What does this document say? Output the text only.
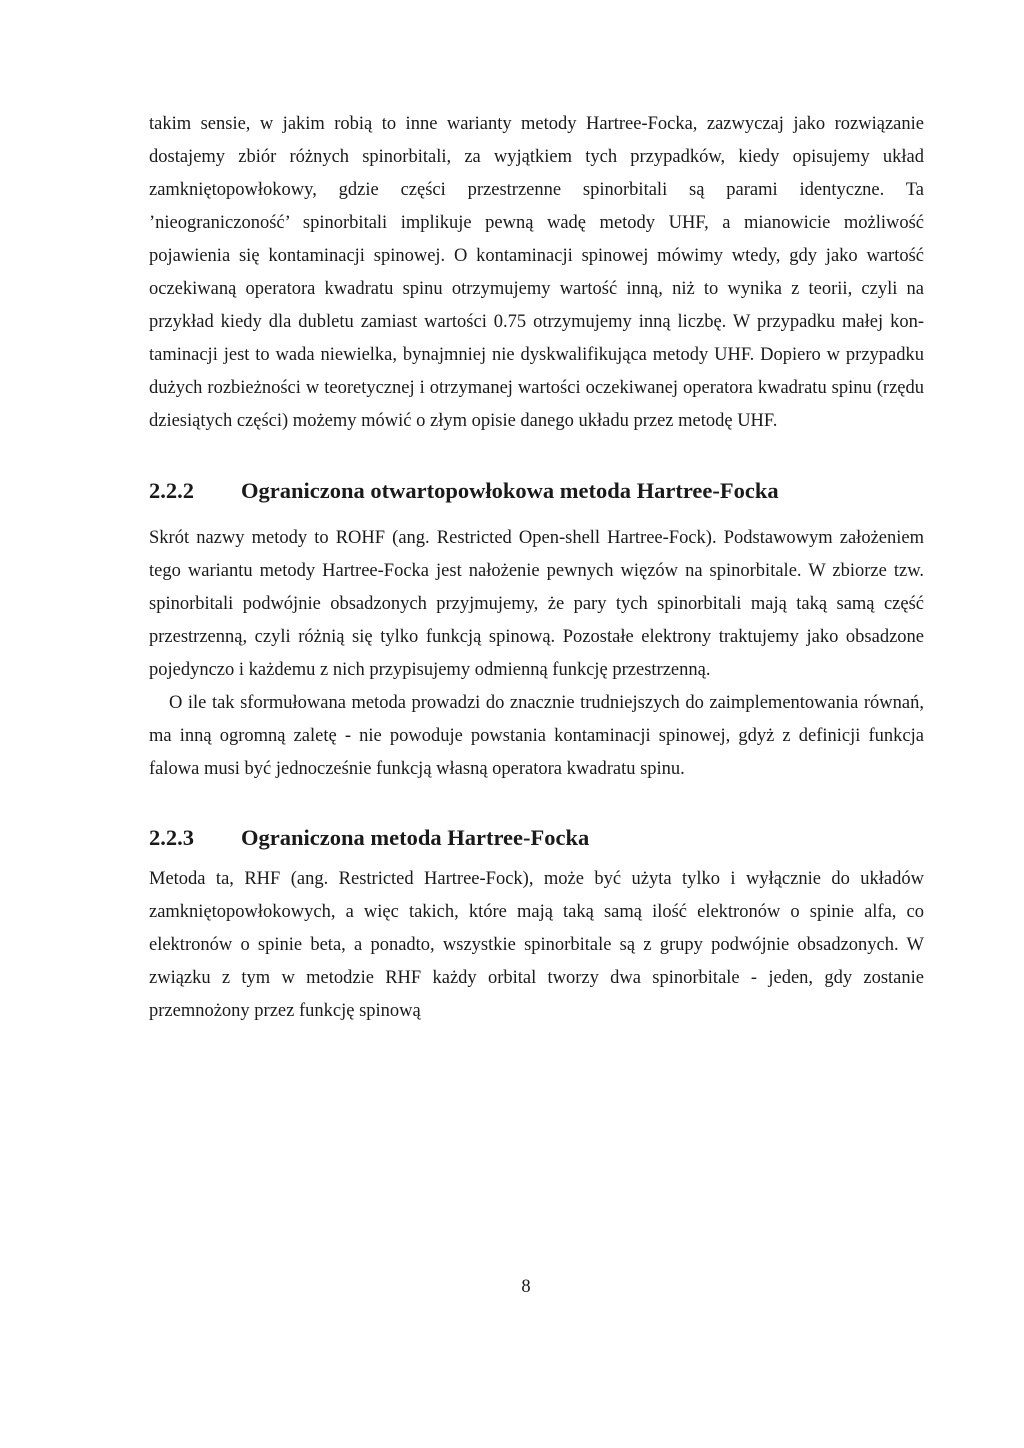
takim sensie, w jakim robią to inne warianty metody Hartree-Focka, zazwyczaj jako rozwiązanie dostajemy zbiór różnych spinorbitali, za wyjątkiem tych przypadków, kiedy opisujemy układ zamkniętopowłokowy, gdzie części przestrzenne spinorbitali są parami identyczne. Ta ’nieograniczoność’ spinorbitali implikuje pewną wadę metody UHF, a mianowicie możliwość pojawienia się kontaminacji spinowej. O kontaminacji spinowej mówimy wtedy, gdy jako wartość oczekiwaną operatora kwadratu spinu otrzymujemy wartość inną, niż to wynika z teorii, czyli na przykład kiedy dla dubletu zamiast wartości 0.75 otrzymujemy inną liczbę. W przypadku małej kontaminacji jest to wada niewielka, bynajmniej nie dyskwalifikująca metody UHF. Dopiero w przypadku dużych rozbieżności w teoretycznej i otrzymanej wartości oczekiwanej operatora kwadratu spinu (rzędu dziesiątych części) możemy mówić o złym opisie danego układu przez metodę UHF.

2.2.2	Ograniczona otwartopowłokowa metoda Hartree-Focka

Skrót nazwy metody to ROHF (ang. Restricted Open-shell Hartree-Fock). Podstawowym założeniem tego wariantu metody Hartree-Focka jest nałożenie pewnych więzów na spinorbitale. W zbiorze tzw. spinorbitali podwójnie obsadzonych przyjmujemy, że pary tych spinorbitali mają taką samą część przestrzenną, czyli różnią się tylko funkcją spinową. Pozostałe elektrony traktujemy jako obsadzone pojedynczo i każdemu z nich przypisujemy odmienną funkcję przestrzenną.

O ile tak sformułowana metoda prowadzi do znacznie trudniejszych do zaimplementowania równań, ma inną ogromną zaletę - nie powoduje powstania kontaminacji spinowej, gdyż z definicji funkcja falowa musi być jednocześnie funkcją własną operatora kwadratu spinu.

2.2.3	Ograniczona metoda Hartree-Focka

Metoda ta, RHF (ang. Restricted Hartree-Fock), może być użyta tylko i wyłącznie do układów zamkniętopowłokowych, a więc takich, które mają taką samą ilość elektronów o spinie alfa, co elektronów o spinie beta, a ponadto, wszystkie spinorbitale są z grupy podwójnie obsadzonych. W związku z tym w metodzie RHF każdy orbital tworzy dwa spinorbitale - jeden, gdy zostanie przemnożony przez funkcję spinową

8
